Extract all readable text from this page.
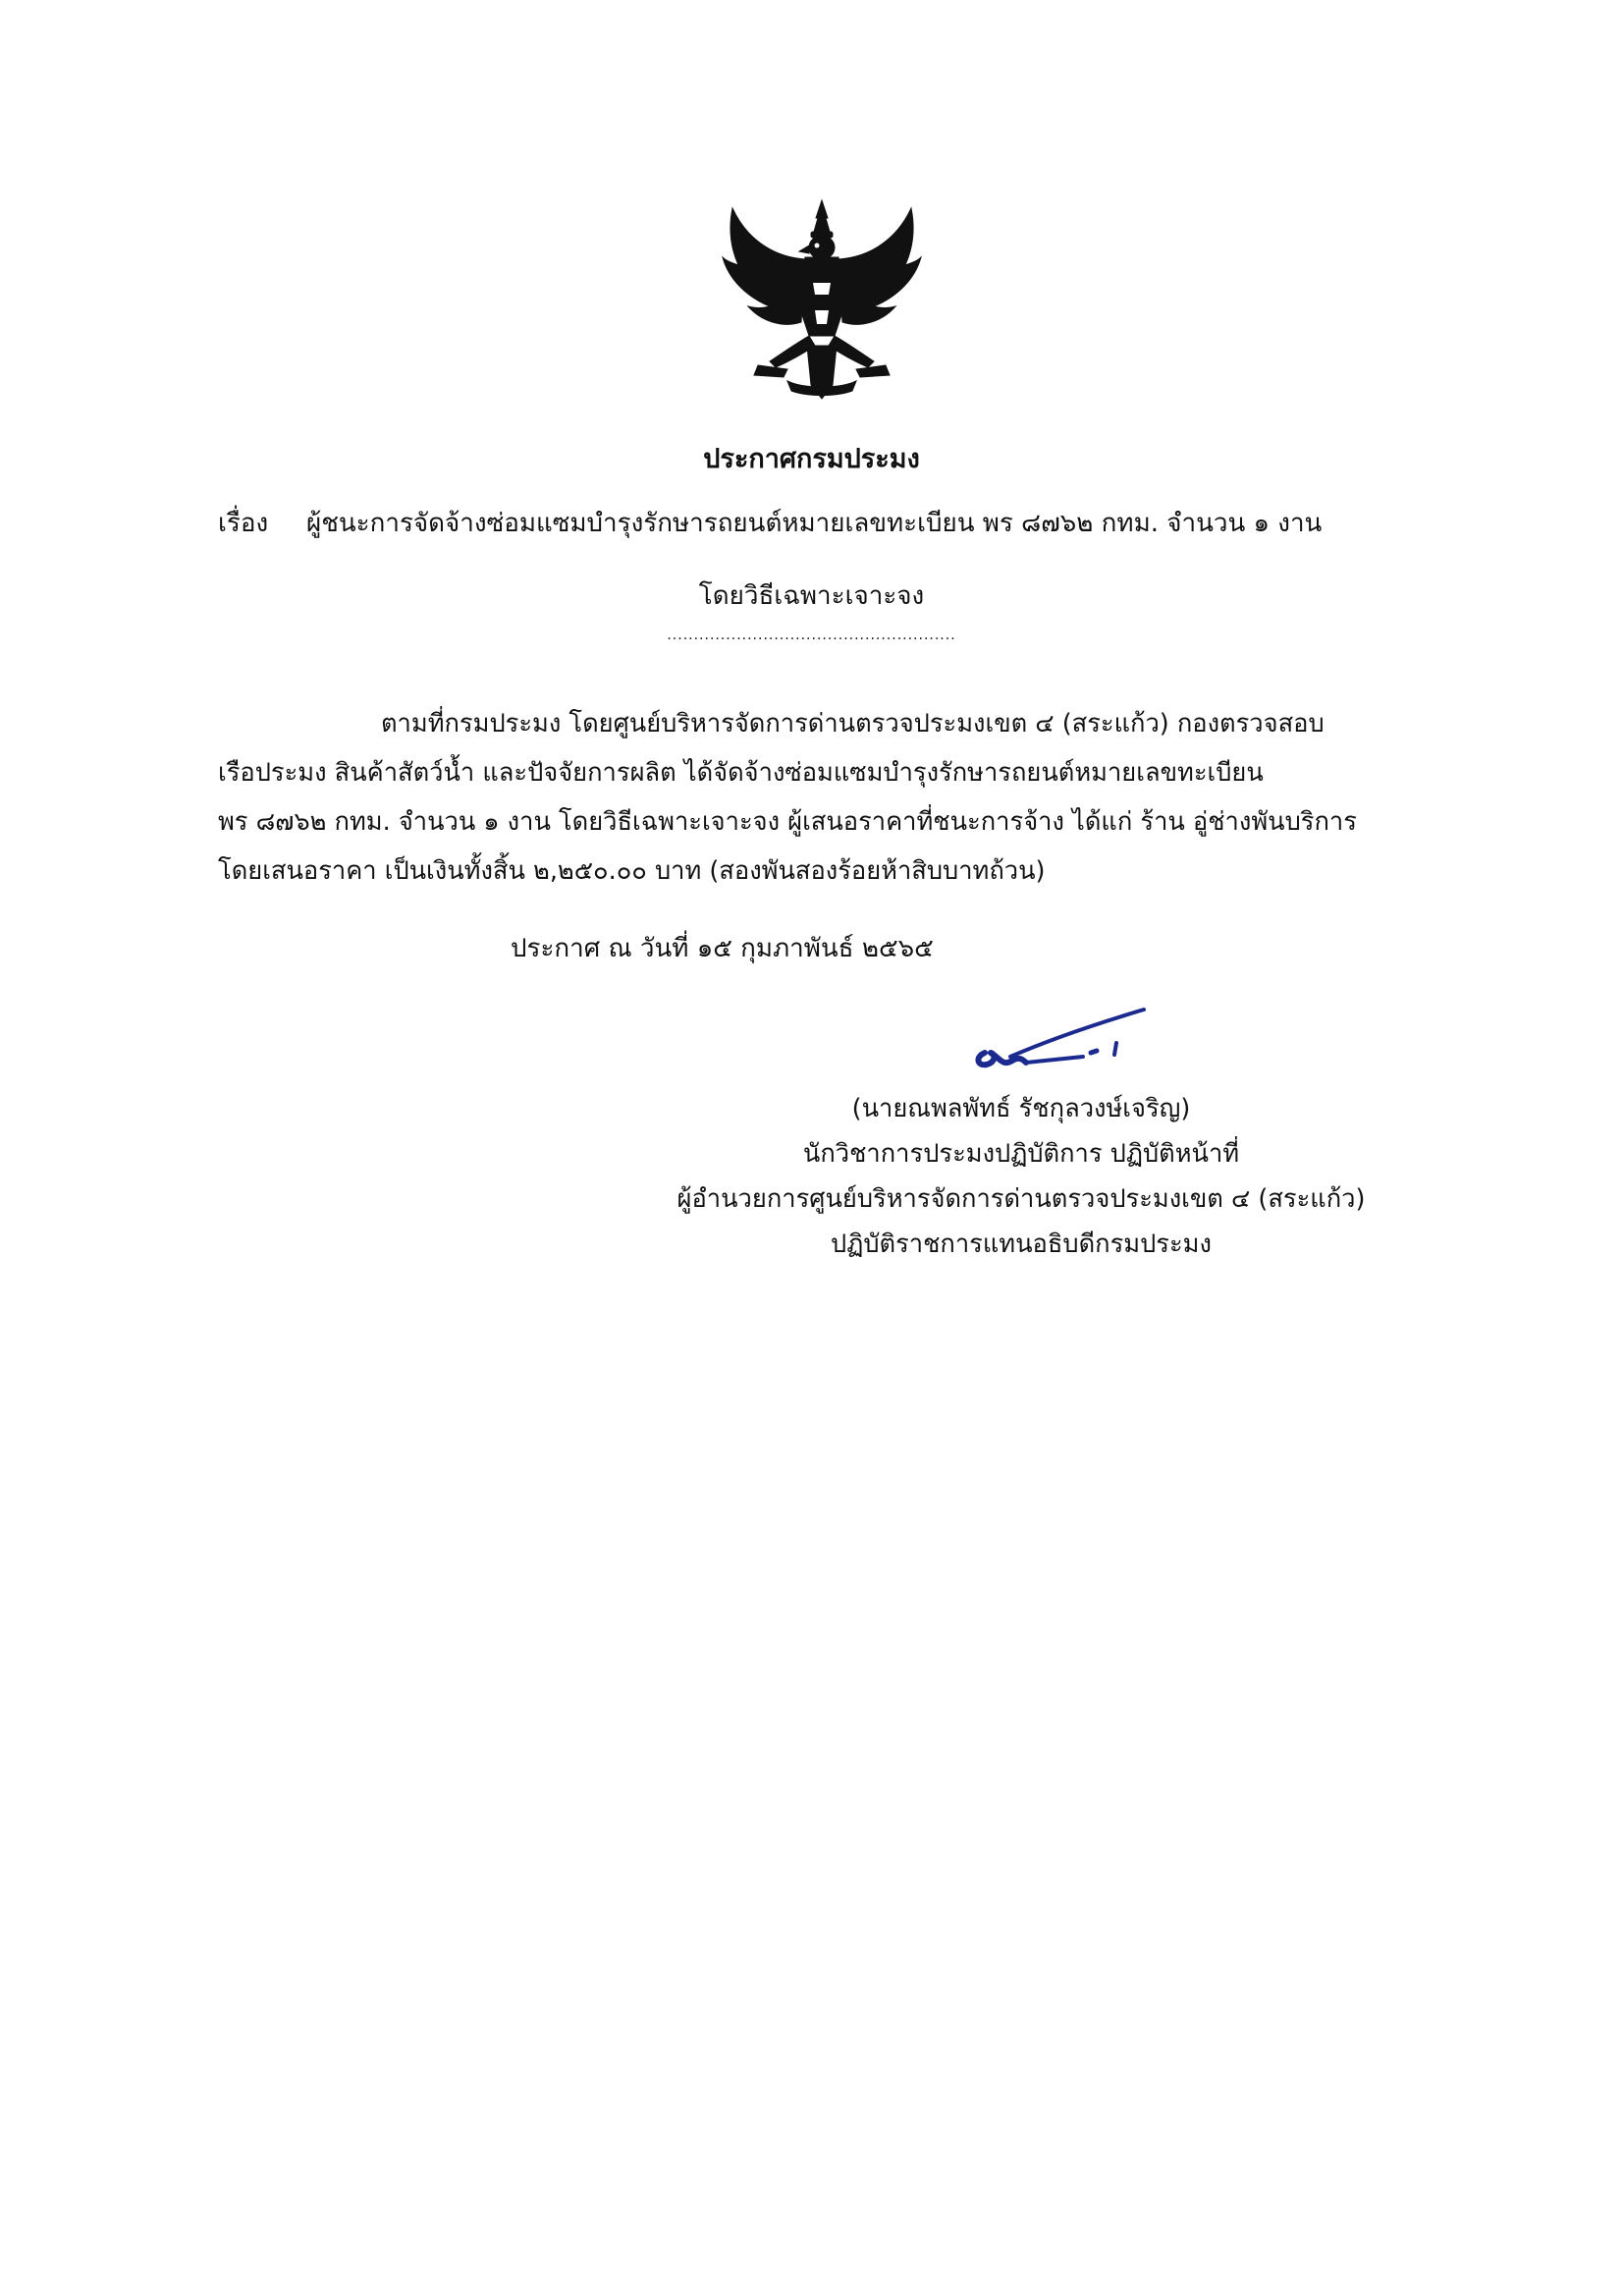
ประกาศกรมประมง
เรื่อง ผู้ชนะการจัดจ้างซ่อมแซมบำรุงรักษารถยนต์หมายเลขทะเบียน พร ๘๗๖๒ กทม. จำนวน ๑ งาน
โดยวิธีเฉพาะเจาะจง
......................................................
ตามที่กรมประมง โดยศูนย์บริหารจัดการด่านตรวจประมงเขต ๔ (สระแก้ว) กองตรวจสอบ
เรือประมง สินค้าสัตว์น้ำ และปัจจัยการผลิต ได้จัดจ้างซ่อมแซมบำรุงรักษารถยนต์หมายเลขทะเบียน
พร ๘๗๖๒ กทม. จำนวน ๑ งาน โดยวิธีเฉพาะเจาะจง ผู้เสนอราคาที่ชนะการจ้าง ได้แก่ ร้าน อู่ช่างพันบริการ
โดยเสนอราคา เป็นเงินทั้งสิ้น ๒,๒๕๐.๐๐ บาท (สองพันสองร้อยห้าสิบบาทถ้วน)
ประกาศ ณ วันที่ ๑๕ กุมภาพันธ์ ๒๕๖๕
(นายณพลพัทธ์ รัชกุลวงษ์เจริญ)
นักวิชาการประมงปฏิบัติการ ปฏิบัติหน้าที่
ผู้อำนวยการศูนย์บริหารจัดการด่านตรวจประมงเขต ๔ (สระแก้ว)
ปฏิบัติราชการแทนอธิบดีกรมประมง
